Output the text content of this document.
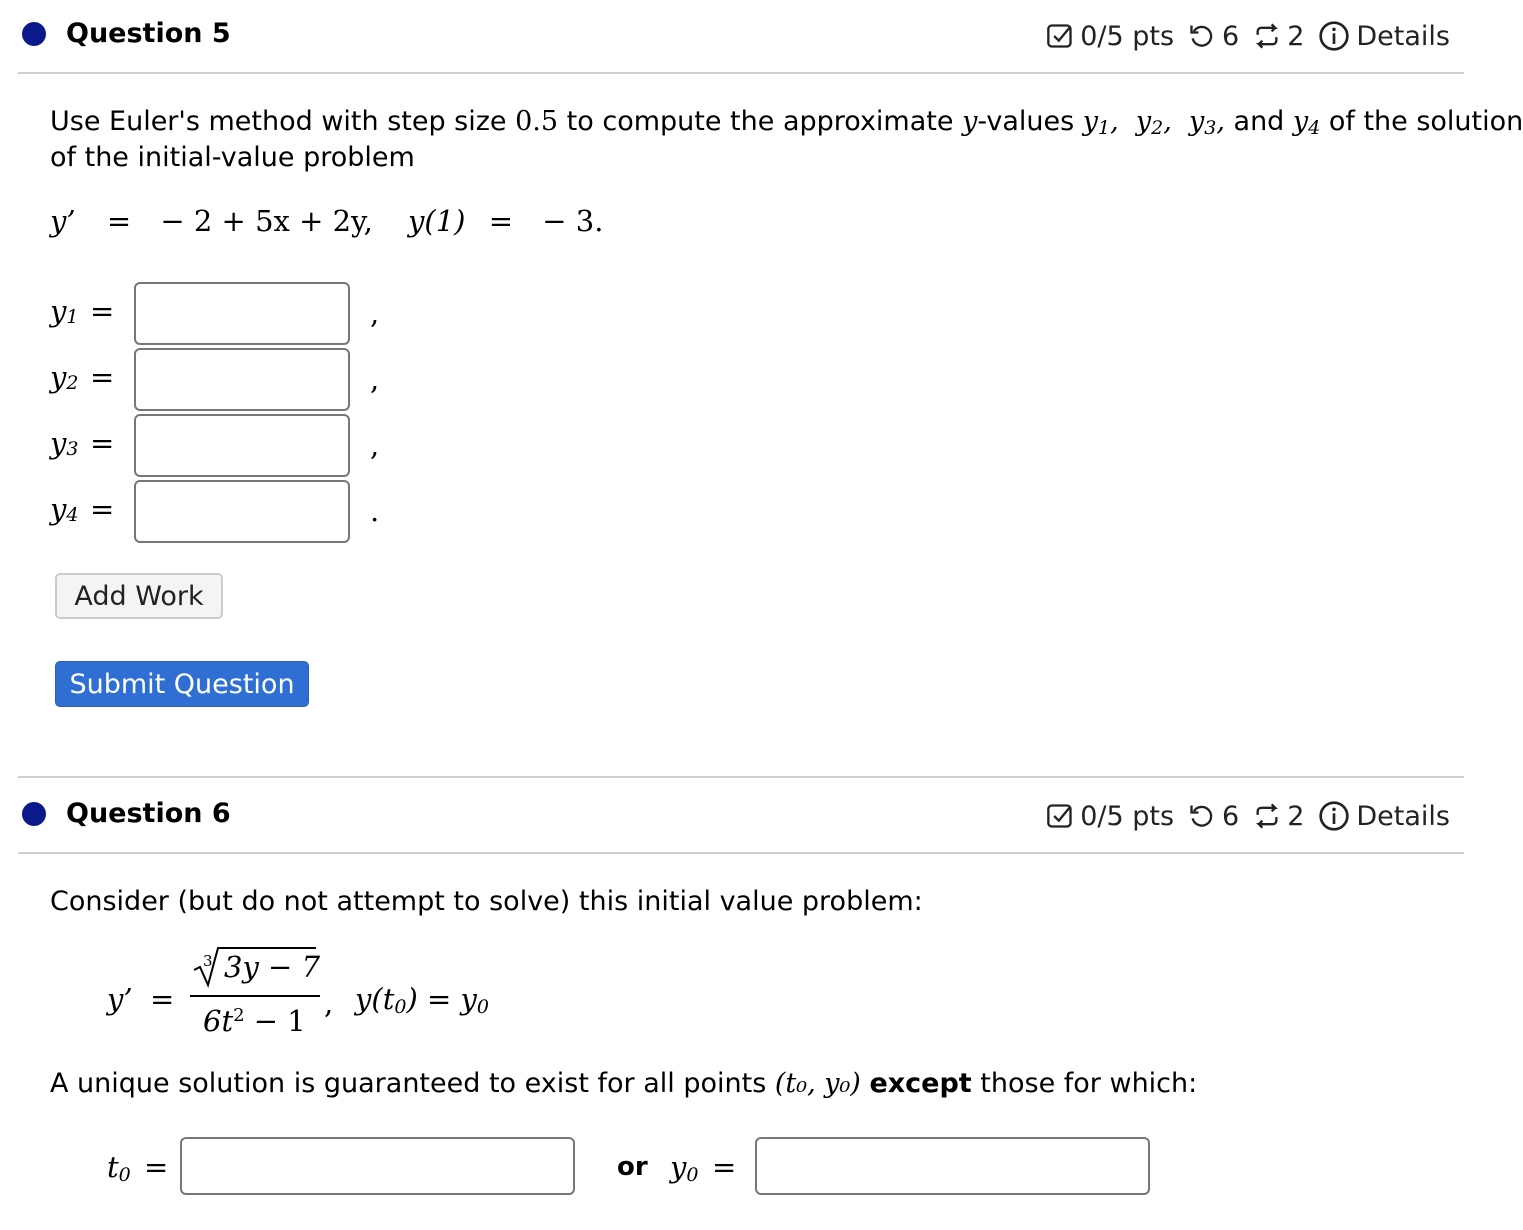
Question 5	0/5 pts 6 2 Details
Use Euler's method with step size 0.5 to compute the approximate y-values $y_1$,  $y_2$,  $y_3$, and $y_4$ of the solution
of the initial-value problem
y’ = − 2 + 5x + 2y, y(1) = − 3.
$y_1$ =	,
$y_2$ =	,
$y_3$ =	,
$y_4$ =	.
Add Work
Submit Question
Question 6	0/5 pts 6 2 Details
Consider (but do not attempt to solve) this initial value problem:
y’ =
3 3y − 7
$6t^2 - 1$
, $y(t_0) = y_0$
A unique solution is guaranteed to exist for all points (t₀, y₀) except those for which:
$t_0$ =	or $y_0$ =
